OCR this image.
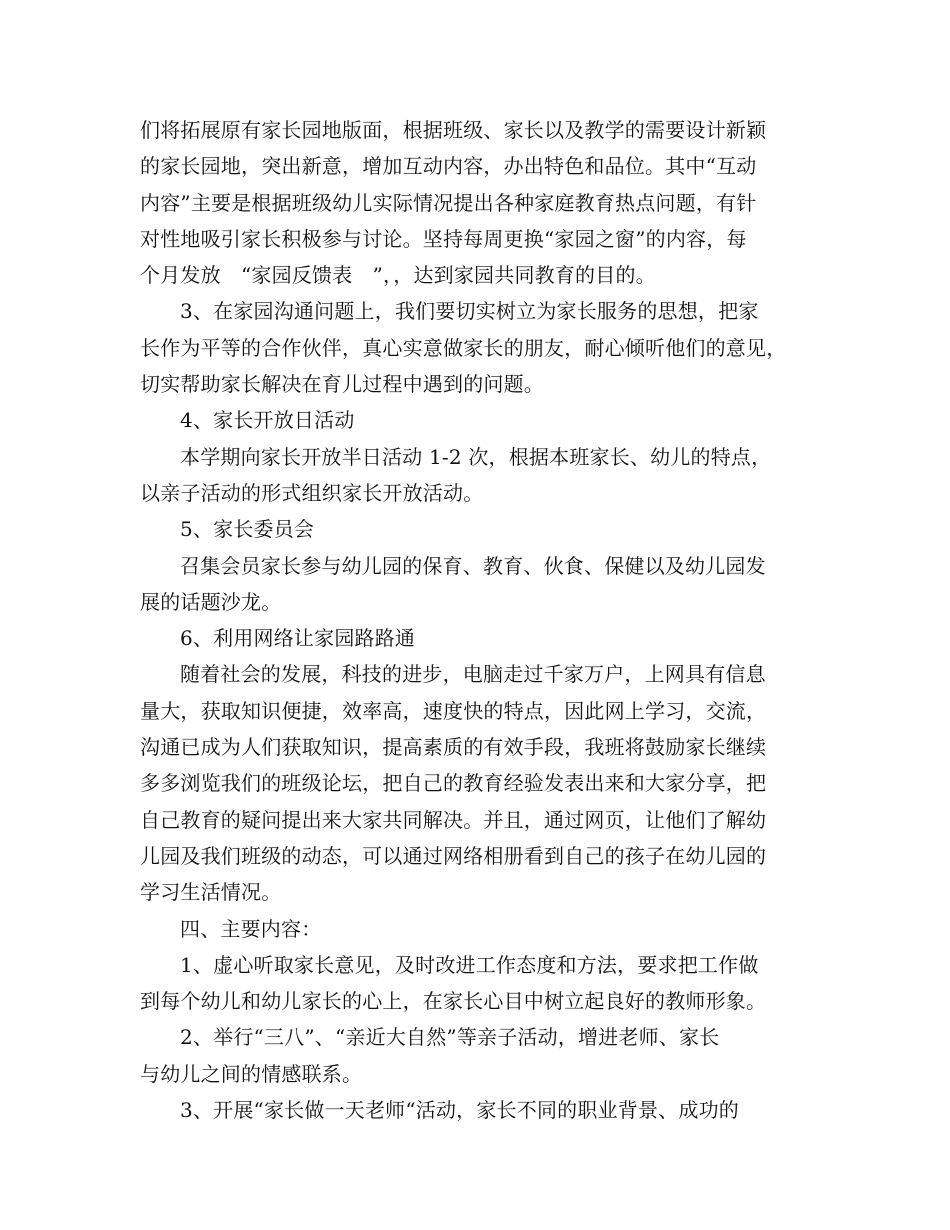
们将拓展原有家长园地版面，根据班级、家长以及教学的需要设计新颖
的家长园地，突出新意，增加互动内容，办出特色和品位。其中“互动
内容”主要是根据班级幼儿实际情况提出各种家庭教育热点问题，有针
对性地吸引家长积极参与讨论。坚持每周更换“家园之窗”的内容，每
个月发放　“家园反馈表　”，，达到家园共同教育的目的。
3、在家园沟通问题上，我们要切实树立为家长服务的思想，把家
长作为平等的合作伙伴，真心实意做家长的朋友，耐心倾听他们的意见，
切实帮助家长解决在育儿过程中遇到的问题。
4、家长开放日活动
本学期向家长开放半日活动 1-2 次，根据本班家长、幼儿的特点，
以亲子活动的形式组织家长开放活动。
5、家长委员会
召集会员家长参与幼儿园的保育、教育、伙食、保健以及幼儿园发
展的话题沙龙。
6、利用网络让家园路路通
随着社会的发展，科技的进步，电脑走过千家万户，上网具有信息
量大，获取知识便捷，效率高，速度快的特点，因此网上学习，交流，
沟通已成为人们获取知识，提高素质的有效手段，我班将鼓励家长继续
多多浏览我们的班级论坛，把自己的教育经验发表出来和大家分享，把
自己教育的疑问提出来大家共同解决。并且，通过网页，让他们了解幼
儿园及我们班级的动态，可以通过网络相册看到自己的孩子在幼儿园的
学习生活情况。
四、主要内容：
1、虚心听取家长意见，及时改进工作态度和方法，要求把工作做
到每个幼儿和幼儿家长的心上，在家长心目中树立起良好的教师形象。
2、举行“三八”、“亲近大自然”等亲子活动，增进老师、家长
与幼儿之间的情感联系。
3、开展“家长做一天老师“活动，家长不同的职业背景、成功的
